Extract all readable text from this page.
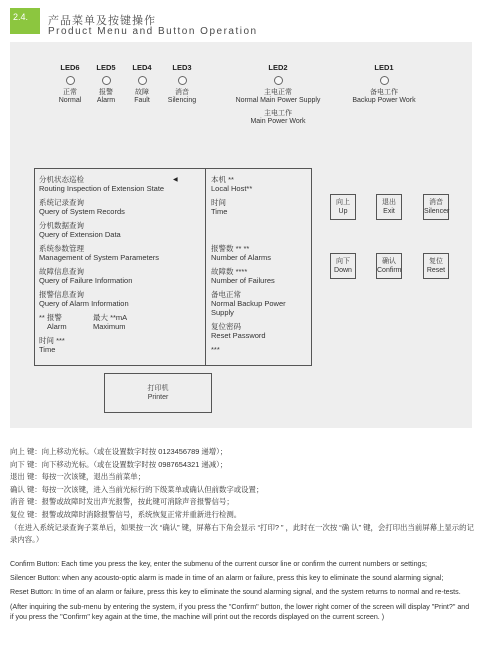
2.4.	产品菜单及按键操作
Product Menu and Button Operation
LED6
正常
Normal
LED5
报警
Alarm
LED4
故障
Fault
LED3
消音
Silencing
LED2
主电正常
Normal Main Power Supply
主电工作
Main Power Work
LED1
备电工作
Backup Power Work
◀
分机状态巡检
Routing Inspection of Extension State
系统记录查询
Query of System Records
分机数据查询
Query of Extension Data
系统参数管理
Management of System Parameters
故障信息查询
Query of Failure Information
报警信息查询
Query of Alarm Information
** 报警	最大 **mA
Alarm	Maximum
时间 ***
Time
本机 **
Local Host**
时间
Time
报警数 ** **
Number of Alarms
故障数 ****
Number of Failures
备电正常
Normal Backup Power Supply
复位密码
Reset Password
***
向上
Up
退出
Exit
消音
Silencer
向下
Down
确认
Confirm
复位
Reset
打印机
Printer
向上 键：向上移动光标。（或在设置数字时按 0123456789 递增）；
向下 键：向下移动光标。（或在设置数字时按 0987654321 递减）；
退出 键：每按一次该键，退出当前菜单；
确认 键：每按一次该键，进入当前光标行的下级菜单或确认但前数字或设置；
消音 键：报警或故障时发出声光报警，按此键可消除声音报警信号；
复位 键：报警或故障时消除报警信号，系统恢复正常并重新进行检测。
（在进入系统记录查询子菜单后，如果按一次 “确认” 键，屏幕右下角会显示 “打印? ” ，此时在一次按 “确 认” 键，会打印出当前屏幕上显示的记录内容。）

Confirm Button: Each time you press the key, enter the submenu of the current cursor line or confirm the current numbers or settings;

Silencer Button: when any acousto-optic alarm is made in time of an alarm or failure, press this key to eliminate the sound alarming signal;

Reset Button: In time of an alarm or failure, press this key to eliminate the sound alarming signal, and the system returns to normal and re-tests.

(After inquiring the sub-menu by entering the system, if you press the "Confirm" button, the lower right corner of the screen will display "Print?" and if you press the "Confirm" key again at the time, the machine will print out the records displayed on the current screen. )
